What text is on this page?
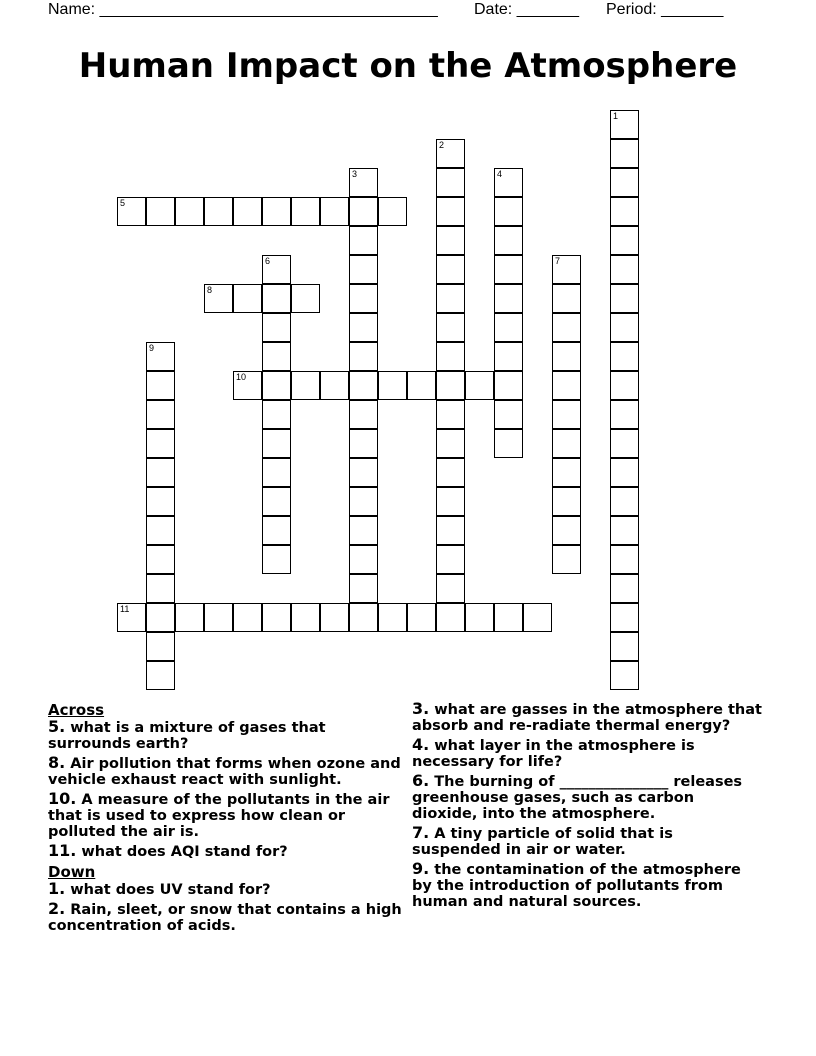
Name: ______________________________________ Date: _______ Period: _______
Human Impact on the Atmosphere
1
2
3	4
5
6	7
8
9
10
11
Across
5. what is a mixture of gases that surrounds earth?
8. Air pollution that forms when ozone and vehicle exhaust react with sunlight.
10. A measure of the pollutants in the air that is used to express how clean or polluted the air is.
11. what does AQI stand for?
Down
1. what does UV stand for?
2. Rain, sleet, or snow that contains a high concentration of acids.
3. what are gasses in the atmosphere that absorb and re-radiate thermal energy?
4. what layer in the atmosphere is necessary for life?
6. The burning of _______________ releases greenhouse gases, such as carbon dioxide, into the atmosphere.
7. A tiny particle of solid that is suspended in air or water.
9. the contamination of the atmosphere by the introduction of pollutants from human and natural sources.
